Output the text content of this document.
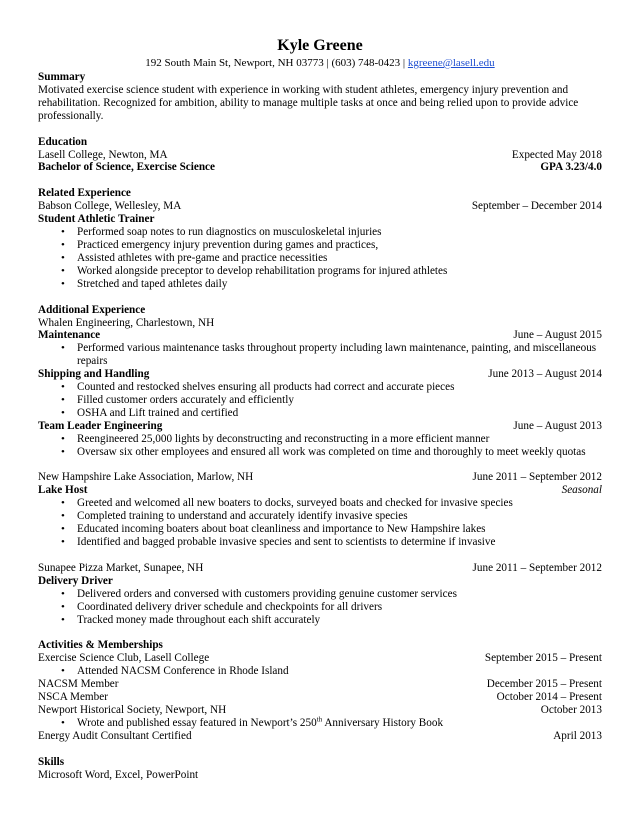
Kyle Greene
192 South Main St, Newport, NH 03773 | (603) 748-0423 | kgreene@lasell.edu
Summary

Motivated exercise science student with experience in working with student athletes, emergency injury prevention and rehabilitation. Recognized for ambition, ability to manage multiple tasks at once and being relied upon to provide advice professionally.

Education
Lasell College, Newton, MA	Expected May 2018
Bachelor of Science, Exercise Science	GPA 3.23/4.0
Related Experience
Babson College, Wellesley, MA	September – December 2014
Student Athletic Trainer
• Performed soap notes to run diagnostics on musculoskeletal injuries
• Practiced emergency injury prevention during games and practices,
• Assisted athletes with pre-game and practice necessities
• Worked alongside preceptor to develop rehabilitation programs for injured athletes
• Stretched and taped athletes daily
Additional Experience
Whalen Engineering, Charlestown, NH
Maintenance	June – August 2015
• Performed various maintenance tasks throughout property including lawn maintenance, painting, and miscellaneous repairs
Shipping and Handling	June 2013 – August 2014
• Counted and restocked shelves ensuring all products had correct and accurate pieces
• Filled customer orders accurately and efficiently
• OSHA and Lift trained and certified
Team Leader Engineering	June – August 2013
• Reengineered 25,000 lights by deconstructing and reconstructing in a more efficient manner
• Oversaw six other employees and ensured all work was completed on time and thoroughly to meet weekly quotas
New Hampshire Lake Association, Marlow, NH	June 2011 – September 2012
Lake Host	Seasonal
• Greeted and welcomed all new boaters to docks, surveyed boats and checked for invasive species
• Completed training to understand and accurately identify invasive species
• Educated incoming boaters about boat cleanliness and importance to New Hampshire lakes
• Identified and bagged probable invasive species and sent to scientists to determine if invasive
Sunapee Pizza Market, Sunapee, NH	June 2011 – September 2012
Delivery Driver
• Delivered orders and conversed with customers providing genuine customer services
• Coordinated delivery driver schedule and checkpoints for all drivers
• Tracked money made throughout each shift accurately
Activities & Memberships
Exercise Science Club, Lasell College	September 2015 – Present
• Attended NACSM Conference in Rhode Island
NACSM Member	December 2015 – Present
NSCA Member	October 2014 – Present
Newport Historical Society, Newport, NH	October 2013
• Wrote and published essay featured in Newport’s 250th Anniversary History Book
Energy Audit Consultant Certified	April 2013
Skills
Microsoft Word, Excel, PowerPoint
